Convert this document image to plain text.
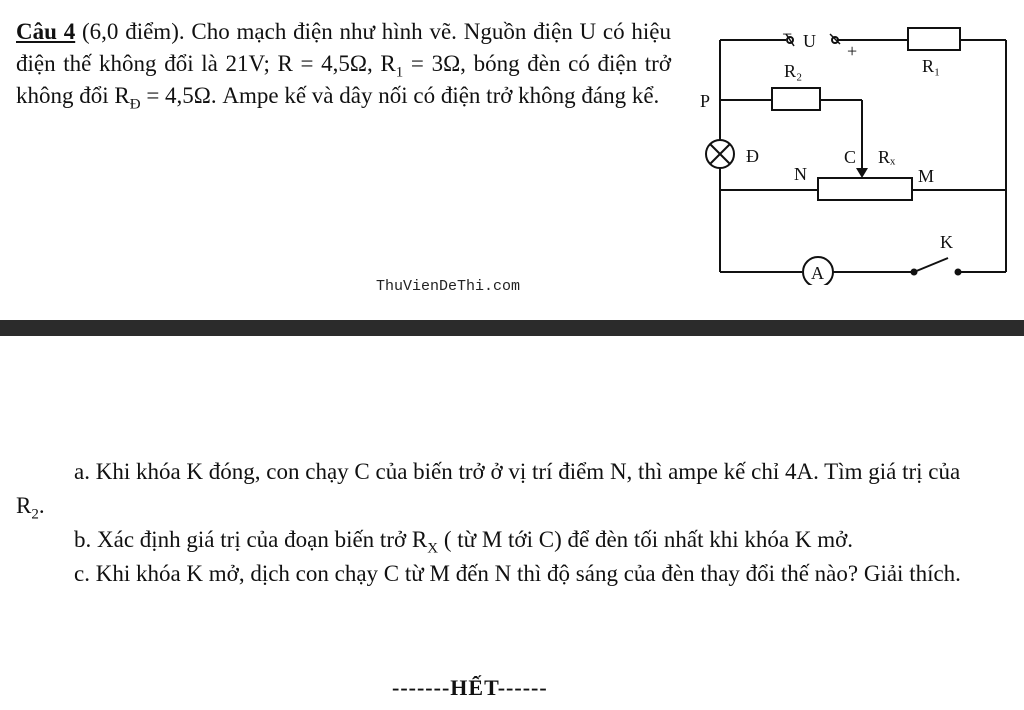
Câu 4 (6,0 điểm). Cho mạch điện như hình vẽ. Nguồn điện U có hiệu điện thế không đổi là 21V; R = 4,5Ω, $R_1 = 3\Omega$, bóng đèn có điện trở không đổi $R_Đ = 4,5\Omega$. Ampe kế và dây nối có điện trở không đáng kể.
− U +
R₁
R₂
P
Đ	C Rₓ
N	M
K
A
ThuVienDeThi.com

a. Khi khóa K đóng, con chạy C của biến trở ở vị trí điểm N, thì ampe kế chỉ 4A. Tìm giá trị của $R_2$.

b. Xác định giá trị của đoạn biến trở $R_X$ ( từ M tới C) để đèn tối nhất khi khóa K mở.

c. Khi khóa K mở, dịch con chạy C từ M đến N thì độ sáng của đèn thay đổi thế nào? Giải thích.

-------HẾT------
